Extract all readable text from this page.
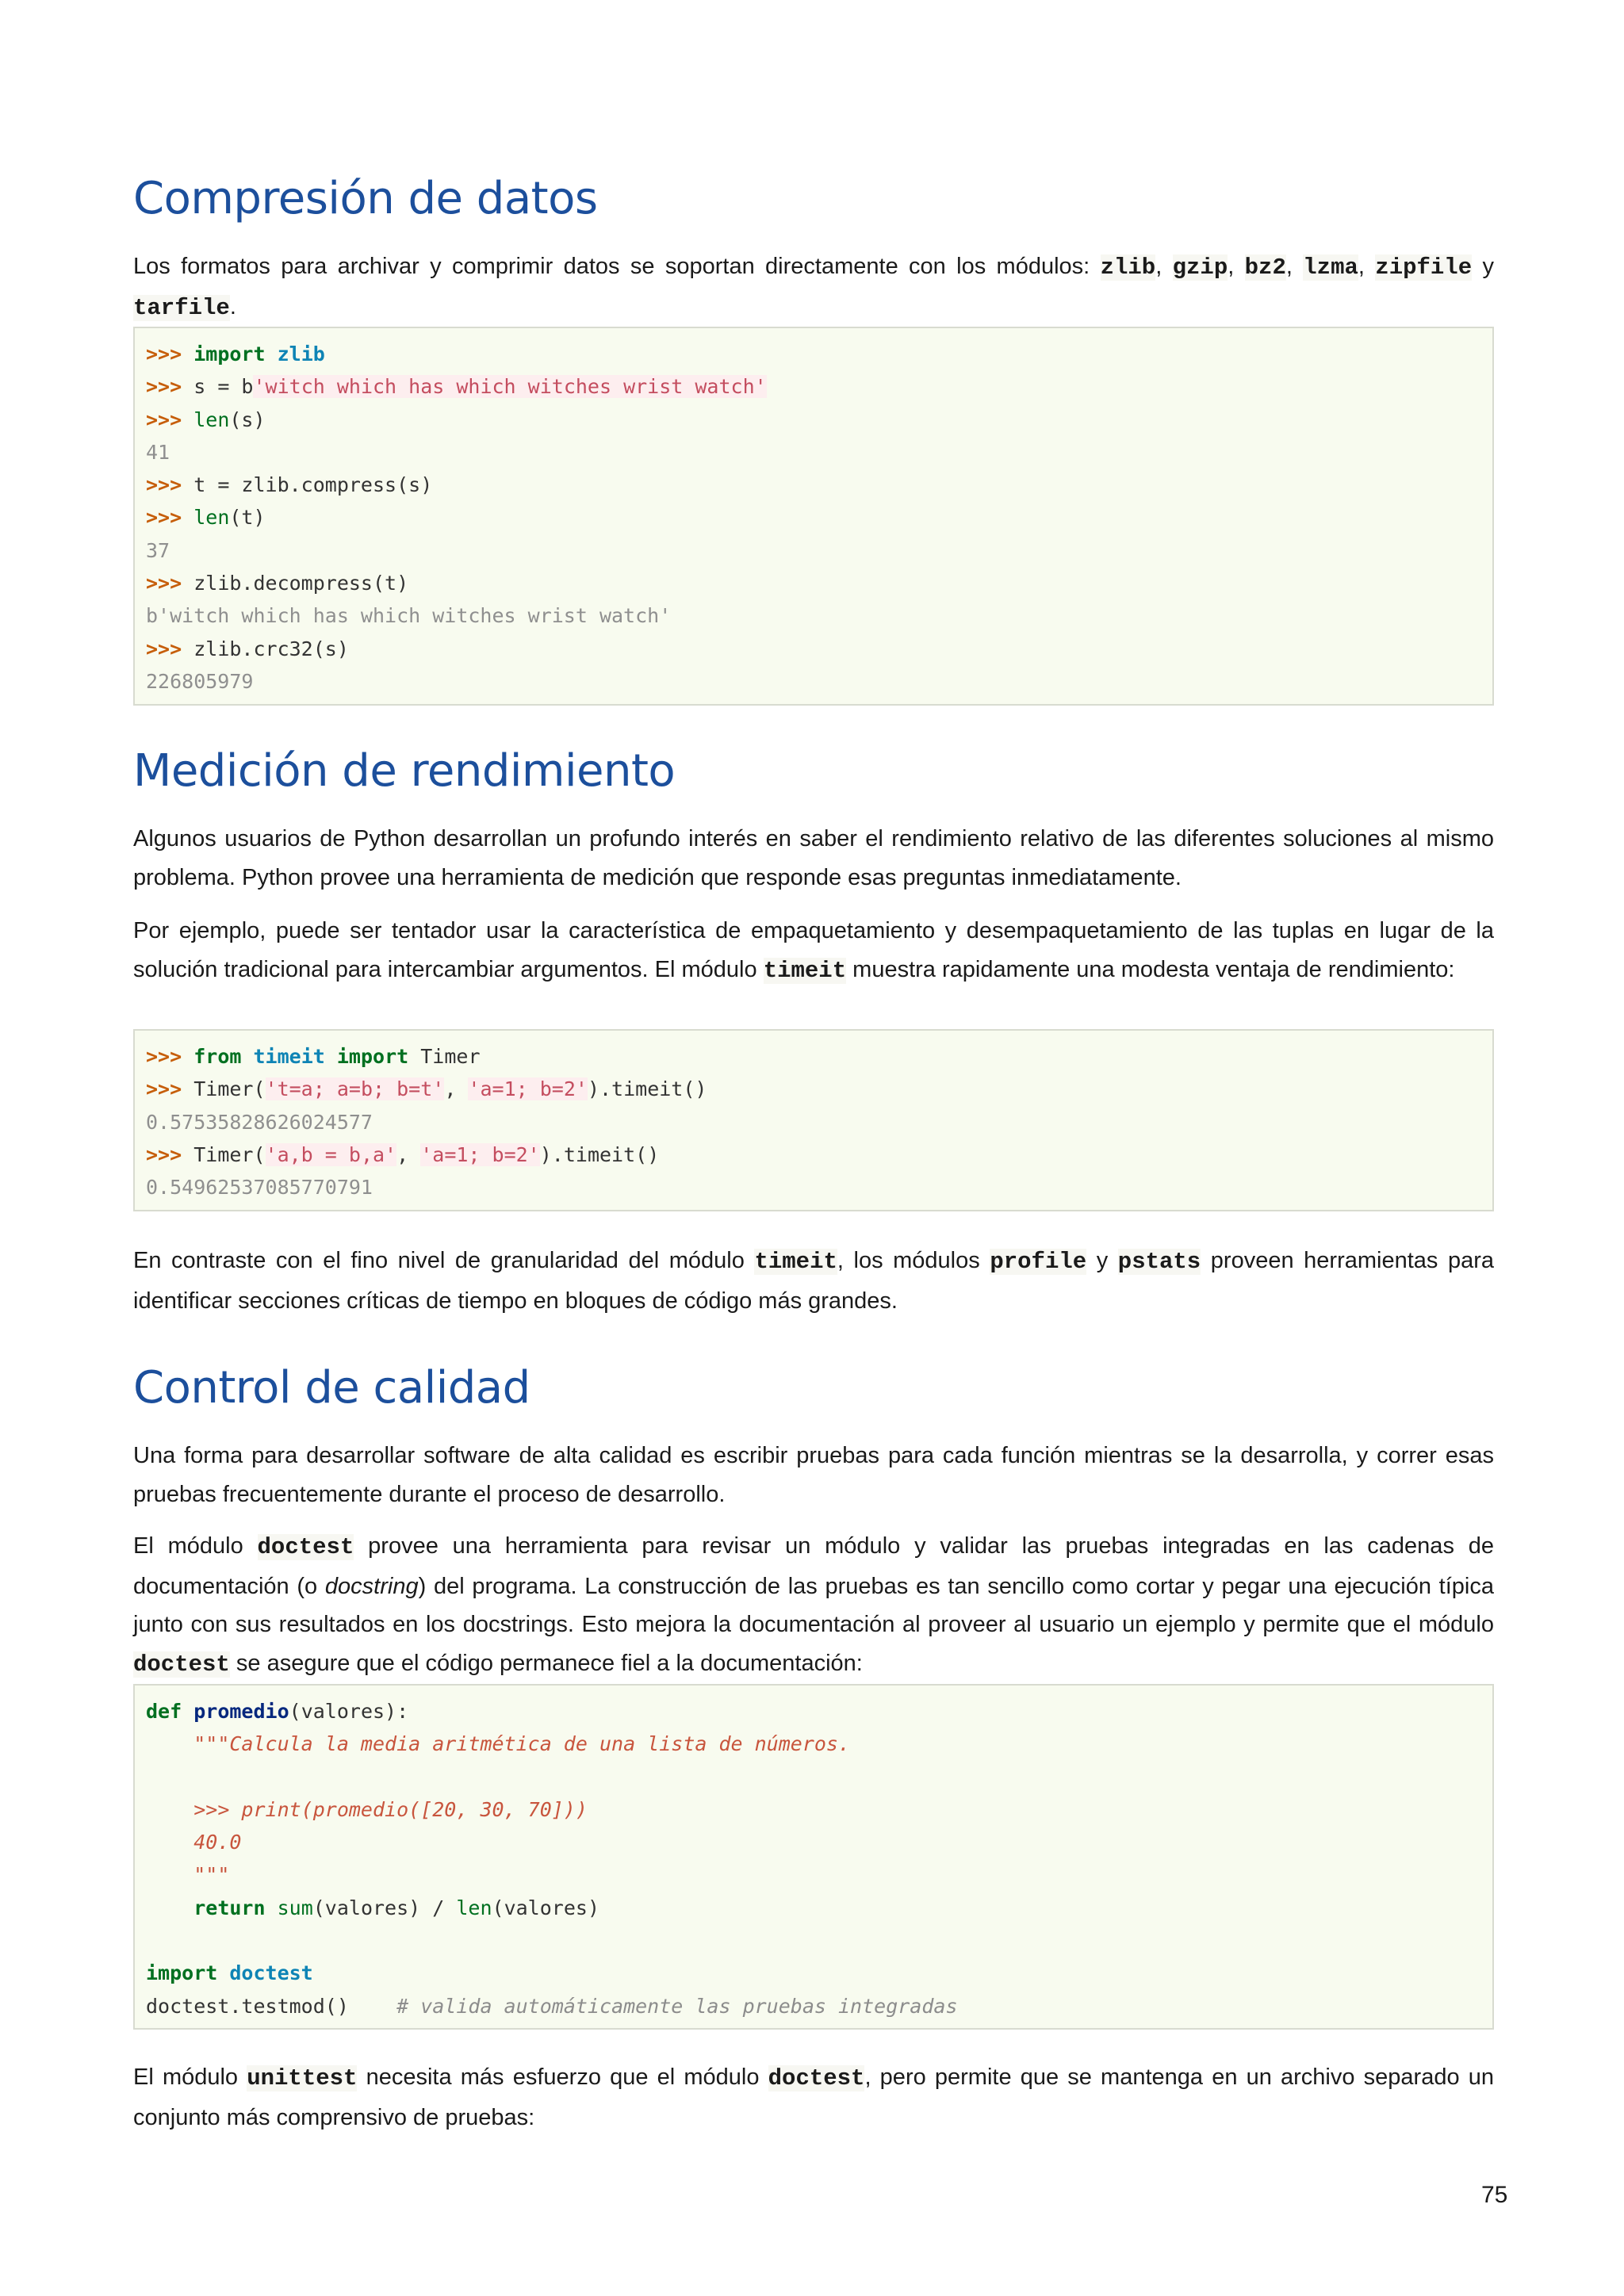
Compresión de datos

Los formatos para archivar y comprimir datos se soportan directamente con los módulos: zlib, gzip, bz2, lzma, zipfile y tarfile.

>>> import zlib
>>> s = b'witch which has which witches wrist watch'
>>> len(s)
41
>>> t = zlib.compress(s)
>>> len(t)
37
>>> zlib.decompress(t)
b'witch which has which witches wrist watch'
>>> zlib.crc32(s)
226805979
Medición de rendimiento

Algunos usuarios de Python desarrollan un profundo interés en saber el rendimiento relativo de las diferentes soluciones al mismo problema. Python provee una herramienta de medición que responde esas preguntas inmediatamente.

Por ejemplo, puede ser tentador usar la característica de empaquetamiento y desempaquetamiento de las tuplas en lugar de la solución tradicional para intercambiar argumentos. El módulo timeit muestra rapidamente una modesta ventaja de rendimiento:

>>> from timeit import Timer
>>> Timer('t=a; a=b; b=t', 'a=1; b=2').timeit()
0.57535828626024577
>>> Timer('a,b = b,a', 'a=1; b=2').timeit()
0.54962537085770791

En contraste con el fino nivel de granularidad del módulo timeit, los módulos profile y pstats proveen herramientas para identificar secciones críticas de tiempo en bloques de código más grandes.

Control de calidad

Una forma para desarrollar software de alta calidad es escribir pruebas para cada función mientras se la desarrolla, y correr esas pruebas frecuentemente durante el proceso de desarrollo.

El módulo doctest provee una herramienta para revisar un módulo y validar las pruebas integradas en las cadenas de documentación (o docstring) del programa. La construcción de las pruebas es tan sencillo como cortar y pegar una ejecución típica junto con sus resultados en los docstrings. Esto mejora la documentación al proveer al usuario un ejemplo y permite que el módulo doctest se asegure que el código permanece fiel a la documentación:

def promedio(valores):
"""Calcula la media aritmética de una lista de números.

>>> print(promedio([20, 30, 70]))
40.0
"""
return sum(valores) / len(valores)

import doctest
doctest.testmod() # valida automáticamente las pruebas integradas

El módulo unittest necesita más esfuerzo que el módulo doctest, pero permite que se mantenga en un archivo separado un conjunto más comprensivo de pruebas:

75
